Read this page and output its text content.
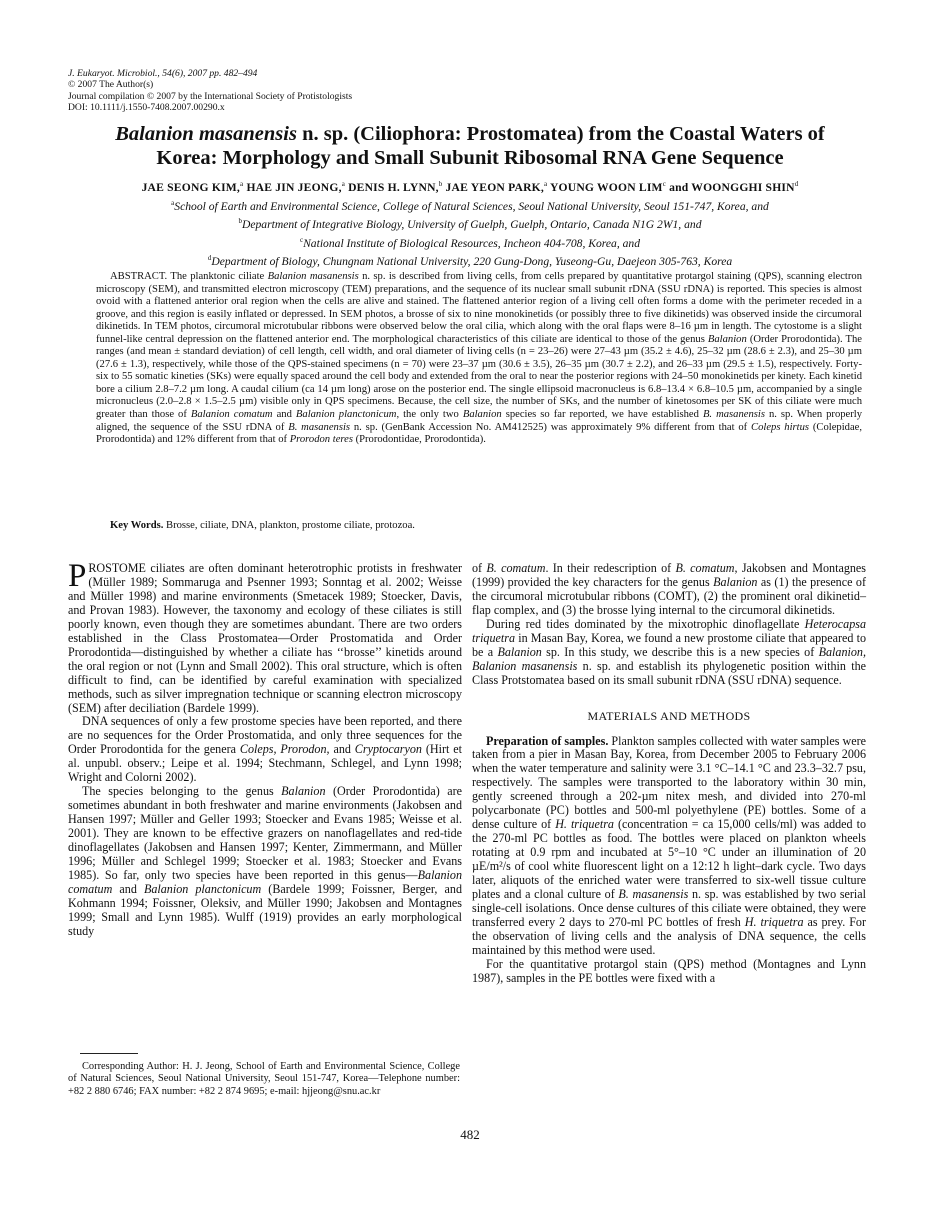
J. Eukaryot. Microbiol., 54(6), 2007 pp. 482–494
© 2007 The Author(s)
Journal compilation © 2007 by the International Society of Protistologists
DOI: 10.1111/j.1550-7408.2007.00290.x
Balanion masanensis n. sp. (Ciliophora: Prostomatea) from the Coastal Waters of
Korea: Morphology and Small Subunit Ribosomal RNA Gene Sequence
JAE SEONG KIM,$^a$ HAE JIN JEONG,$^a$ DENIS H. LYNN,$^b$ JAE YEON PARK,$^a$ YOUNG WOON LIM$^c$ and WOONGGHI SHIN$^d$
$^a$School of Earth and Environmental Science, College of Natural Sciences, Seoul National University, Seoul 151-747, Korea, and
$^b$Department of Integrative Biology, University of Guelph, Guelph, Ontario, Canada N1G 2W1, and
$^c$National Institute of Biological Resources, Incheon 404-708, Korea, and
$^d$Department of Biology, Chungnam National University, 220 Gung-Dong, Yuseong-Gu, Daejeon 305-763, Korea
ABSTRACT. The planktonic ciliate Balanion masanensis n. sp. is described from living cells, from cells prepared by quantitative protargol staining (QPS), scanning electron microscopy (SEM), and transmitted electron microscopy (TEM) preparations, and the sequence of its nuclear small subunit rDNA (SSU rDNA) is reported. This species is almost ovoid with a flattened anterior oral region when the cells are alive and stained. The flattened anterior region of a living cell often forms a dome with the perimeter receded in a groove, and this region is easily inflated or depressed. In SEM photos, a brosse of six to nine monokinetids (or possibly three to five dikinetids) was observed inside the circumoral dikinetids. In TEM photos, circumoral microtubular ribbons were observed below the oral cilia, which along with the oral flaps were 8–16 µm in length. The cytostome is a slight funnel-like central depression on the flattened anterior end. The morphological characteristics of this ciliate are identical to those of the genus Balanion (Order Prorodontida). The ranges (and mean ± standard deviation) of cell length, cell width, and oral diameter of living cells (n = 23–26) were 27–43 µm (35.2 ± 4.6), 25–32 µm (28.6 ± 2.3), and 25–30 µm (27.6 ± 1.3), respectively, while those of the QPS-stained specimens (n = 70) were 23–37 µm (30.6 ± 3.5), 26–35 µm (30.7 ± 2.2), and 26–33 µm (29.5 ± 1.5), respectively. Forty-six to 55 somatic kineties (SKs) were equally spaced around the cell body and extended from the oral to near the posterior regions with 24–50 monokinetids per kinety. Each kinetid bore a cilium 2.8–7.2 µm long. A caudal cilium (ca 14 µm long) arose on the posterior end. The single ellipsoid macronucleus is 6.8–13.4 × 6.8–10.5 µm, accompanied by a single micronucleus (2.0–2.8 × 1.5–2.5 µm) visible only in QPS specimens. Because, the cell size, the number of SKs, and the number of kinetosomes per SK of this ciliate were much greater than those of Balanion comatum and Balanion planctonicum, the only two Balanion species so far reported, we have established B. masanensis n. sp. When properly aligned, the sequence of the SSU rDNA of B. masanensis n. sp. (GenBank Accession No. AM412525) was approximately 9% different from that of Coleps hirtus (Colepidae, Prorodontida) and 12% different from that of Prorodon teres (Prorodontidae, Prorodontida).
Key Words. Brosse, ciliate, DNA, plankton, prostome ciliate, protozoa.

PROSTOME ciliates are often dominant heterotrophic protists in freshwater (Müller 1989; Sommaruga and Psenner 1993; Sonntag et al. 2002; Weisse and Müller 1998) and marine environments (Smetacek 1989; Stoecker, Davis, and Provan 1983). However, the taxonomy and ecology of these ciliates is still poorly known, even though they are sometimes abundant. There are two orders established in the Class Prostomatea—Order Prostomatida and Order Prorodontida—distinguished by whether a ciliate has ‘‘brosse’’ kinetids around the oral region or not (Lynn and Small 2002). This oral structure, which is often difficult to find, can be identified by careful examination with specialized methods, such as silver impregnation technique or scanning electron microscopy (SEM) after deciliation (Bardele 1999).

DNA sequences of only a few prostome species have been reported, and there are no sequences for the Order Prostomatida, and only three sequences for the Order Prorodontida for the genera Coleps, Prorodon, and Cryptocaryon (Hirt et al. unpubl. observ.; Leipe et al. 1994; Stechmann, Schlegel, and Lynn 1998; Wright and Colorni 2002).

The species belonging to the genus Balanion (Order Prorodontida) are sometimes abundant in both freshwater and marine environments (Jakobsen and Hansen 1997; Müller and Geller 1993; Stoecker and Evans 1985; Weisse et al. 2001). They are known to be effective grazers on nanoflagellates and red-tide dinoflagellates (Jakobsen and Hansen 1997; Kenter, Zimmermann, and Müller 1996; Müller and Schlegel 1999; Stoecker et al. 1983; Stoecker and Evans 1985). So far, only two species have been reported in this genus—Balanion comatum and Balanion planctonicum (Bardele 1999; Foissner, Berger, and Kohmann 1994; Foissner, Oleksiv, and Müller 1990; Jakobsen and Montagnes 1999; Small and Lynn 1985). Wulff (1919) provides an early morphological study

Corresponding Author: H. J. Jeong, School of Earth and Environmental Science, College of Natural Sciences, Seoul National University, Seoul 151-747, Korea—Telephone number: +82 2 880 6746; FAX number: +82 2 874 9695; e-mail: hjjeong@snu.ac.kr

of B. comatum. In their redescription of B. comatum, Jakobsen and Montagnes (1999) provided the key characters for the genus Balanion as (1) the presence of the circumoral microtubular ribbons (COMT), (2) the prominent oral dikinetid–flap complex, and (3) the brosse lying internal to the circumoral dikinetids.

During red tides dominated by the mixotrophic dinoflagellate Heterocapsa triquetra in Masan Bay, Korea, we found a new prostome ciliate that appeared to be a Balanion sp. In this study, we describe this is a new species of Balanion, Balanion masanensis n. sp. and establish its phylogenetic position within the Class Protstomatea based on its small subunit rDNA (SSU rDNA) sequence.

MATERIALS AND METHODS

Preparation of samples. Plankton samples collected with water samples were taken from a pier in Masan Bay, Korea, from December 2005 to February 2006 when the water temperature and salinity were 3.1 °C–14.1 °C and 23.3–32.7 psu, respectively. The samples were transported to the laboratory within 30 min, gently screened through a 202-µm nitex mesh, and divided into 270-ml polycarbonate (PC) bottles and 500-ml polyethylene (PE) bottles. Some of a dense culture of H. triquetra (concentration = ca 15,000 cells/ml) was added to the 270-ml PC bottles as food. The bottles were placed on plankton wheels rotating at 0.9 rpm and incubated at 5°–10 °C under an illumination of 20 µE/m²/s of cool white fluorescent light on a 12:12 h light–dark cycle. Two days later, aliquots of the enriched water were transferred to six-well tissue culture plates and a clonal culture of B. masanensis n. sp. was established by two serial single-cell isolations. Once dense cultures of this ciliate were obtained, they were transferred every 2 days to 270-ml PC bottles of fresh H. triquetra as prey. For the observation of living cells and the analysis of DNA sequence, the cells maintained by this method were used.

For the quantitative protargol stain (QPS) method (Montagnes and Lynn 1987), samples in the PE bottles were fixed with a

482
